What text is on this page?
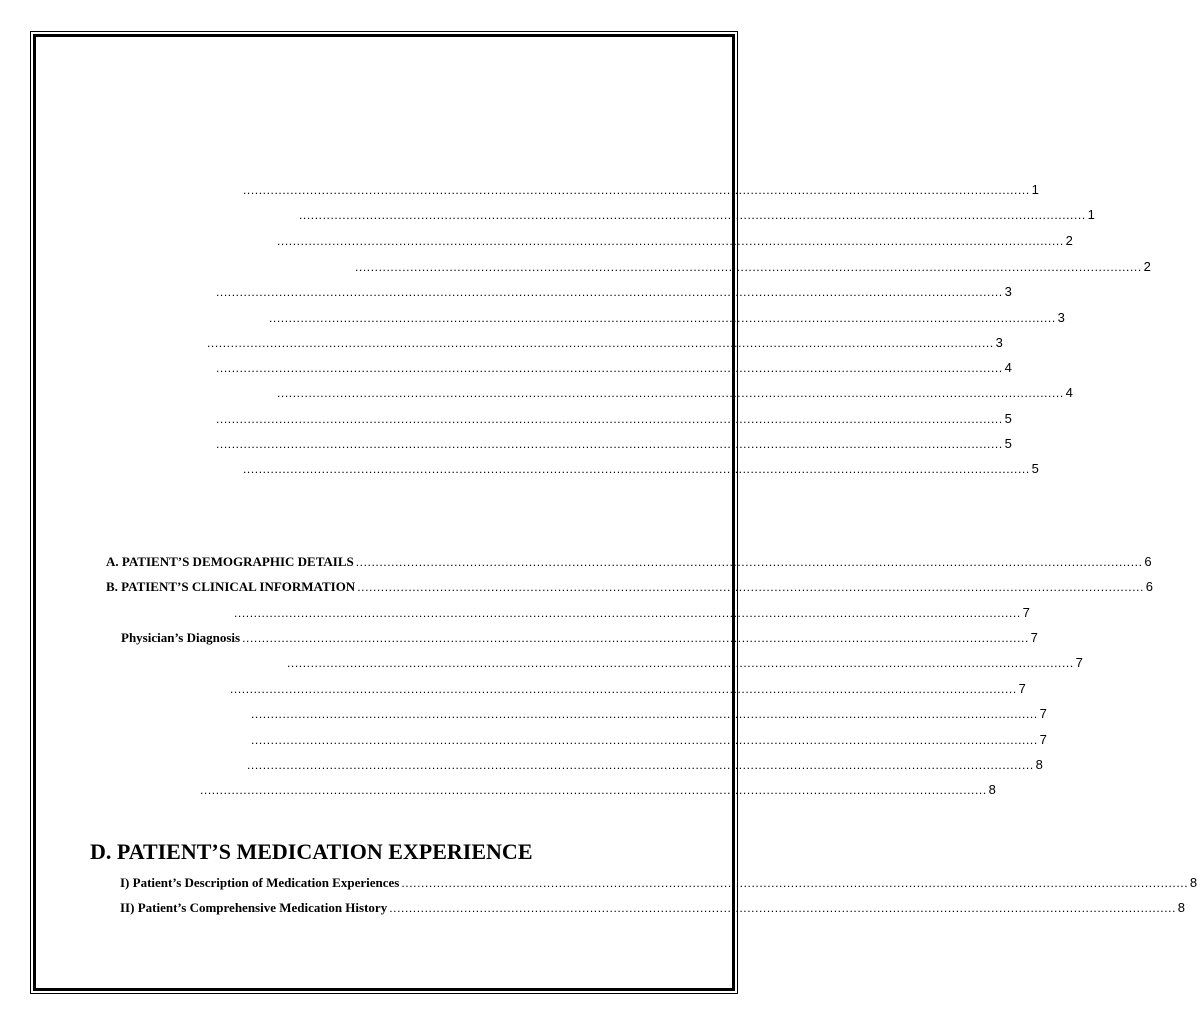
........................................................................................................................................................................................................ 1
........................................................................................................................................................................................................ 1
........................................................................................................................................................................................................ 2
........................................................................................................................................................................................................ 2
........................................................................................................................................................................................................ 3
........................................................................................................................................................................................................ 3
........................................................................................................................................................................................................ 3
........................................................................................................................................................................................................ 4
........................................................................................................................................................................................................ 4
........................................................................................................................................................................................................ 5
........................................................................................................................................................................................................ 5
........................................................................................................................................................................................................ 5
A. PATIENT’S DEMOGRAPHIC DETAILS ........................................................................................................................................................................................................ 6
B. PATIENT’S CLINICAL INFORMATION ........................................................................................................................................................................................................ 6
........................................................................................................................................................................................................ 7
Physician’s Diagnosis ........................................................................................................................................................................................................ 7
........................................................................................................................................................................................................ 7
........................................................................................................................................................................................................ 7
........................................................................................................................................................................................................ 7
........................................................................................................................................................................................................ 7
........................................................................................................................................................................................................ 8
........................................................................................................................................................................................................ 8
D. PATIENT’S MEDICATION EXPERIENCE
I) Patient’s Description of Medication Experiences ........................................................................................................................................................................................................ 8
II) Patient’s Comprehensive Medication History ........................................................................................................................................................................................................ 8
